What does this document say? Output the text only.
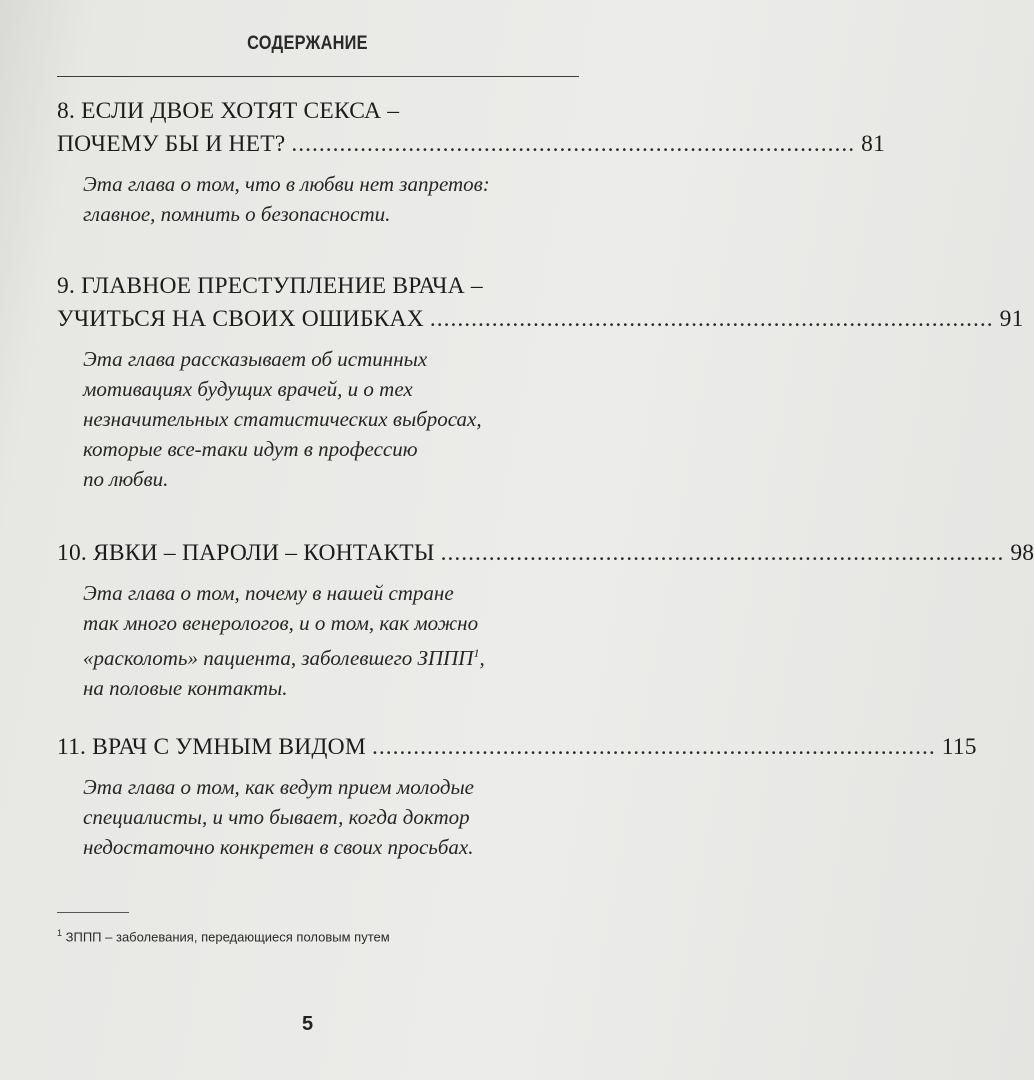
СОДЕРЖАНИЕ
8. ЕСЛИ ДВОЕ ХОТЯТ СЕКСА –
ПОЧЕМУ БЫ И НЕТ? .................................................................................. 81
Эта глава о том, что в любви нет запретов:
главное, помнить о безопасности.
9. ГЛАВНОЕ ПРЕСТУПЛЕНИЕ ВРАЧА –
УЧИТЬСЯ НА СВОИХ ОШИБКАХ .................................................................................. 91
Эта глава рассказывает об истинных
мотивациях будущих врачей, и о тех
незначительных статистических выбросах,
которые все-таки идут в профессию
по любви.
10. ЯВКИ – ПАРОЛИ – КОНТАКТЫ .................................................................................. 98
Эта глава о том, почему в нашей стране
так много венерологов, и о том, как можно
«расколоть» пациента, заболевшего ЗППП$^1$,
на половые контакты.
11. ВРАЧ С УМНЫМ ВИДОМ .................................................................................. 115
Эта глава о том, как ведут прием молодые
специалисты, и что бывает, когда доктор
недостаточно конкретен в своих просьбах.
$^1$ ЗППП – заболевания, передающиеся половым путем
5
